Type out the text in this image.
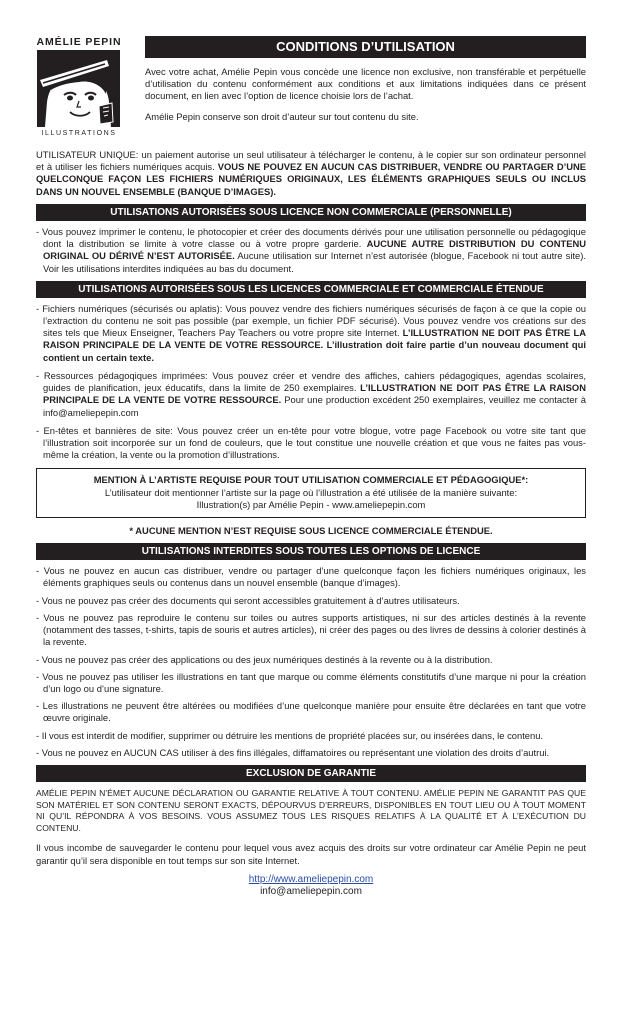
AMÉLIE PEPIN
ILLUSTRATIONS
CONDITIONS D’UTILISATION

Avec votre achat, Amélie Pepin vous concède une licence non exclusive, non transférable et perpétuelle d’utilisation du contenu conformément aux conditions et aux limitations indiquées dans ce présent document, en lien avec l’option de licence choisie lors de l’achat.

Amélie Pepin conserve son droit d’auteur sur tout contenu du site.

UTILISATEUR UNIQUE: un paiement autorise un seul utilisateur à télécharger le contenu, à le copier sur son ordinateur personnel et à utiliser les fichiers numériques acquis. VOUS NE POUVEZ EN AUCUN CAS DISTRIBUER, VENDRE OU PARTAGER D’UNE QUELCONQUE FAÇON LES FICHIERS NUMÉRIQUES ORIGINAUX, LES ÉLÉMENTS GRAPHIQUES SEULS OU INCLUS DANS UN NOUVEL ENSEMBLE (BANQUE D’IMAGES).

UTILISATIONS AUTORISÉES SOUS LICENCE NON COMMERCIALE (PERSONNELLE)
- Vous pouvez imprimer le contenu, le photocopier et créer des documents dérivés pour une utilisation personnelle ou pédagogique dont la distribution se limite à votre classe ou à votre propre garderie. AUCUNE AUTRE DISTRIBUTION DU CONTENU ORIGINAL OU DÉRIVÉ N’EST AUTORISÉE. Aucune utilisation sur Internet n’est autorisée (blogue, Facebook ni tout autre site). Voir les utilisations interdites indiquées au bas du document.
UTILISATIONS AUTORISÉES SOUS LES LICENCES COMMERCIALE ET COMMERCIALE ÉTENDUE
- Fichiers numériques (sécurisés ou aplatis): Vous pouvez vendre des fichiers numériques sécurisés de façon à ce que la copie ou l’extraction du contenu ne soit pas possible (par exemple, un fichier PDF sécurisé). Vous pouvez vendre vos créations sur des sites tels que Mieux Enseigner, Teachers Pay Teachers ou votre propre site Internet. L’ILLUSTRATION NE DOIT PAS ÊTRE LA RAISON PRINCIPALE DE LA VENTE DE VOTRE RESSOURCE. L’illustration doit faire partie d’un nouveau document qui contient un certain texte.
- Ressources pédagoqiques imprimées: Vous pouvez créer et vendre des affiches, cahiers pédagogiques, agendas scolaires, guides de planification, jeux éducatifs, dans la limite de 250 exemplaires. L’ILLUSTRATION NE DOIT PAS ÊTRE LA RAISON PRINCIPALE DE LA VENTE DE VOTRE RESSOURCE. Pour une production excédent 250 exemplaires, veuillez me contacter à info@ameliepepin.com
- En-têtes et bannières de site: Vous pouvez créer un en-tête pour votre blogue, votre page Facebook ou votre site tant que l’illustration soit incorporée sur un fond de couleurs, que le tout constitue une nouvelle création et que vous ne faites pas vous-même la création, la vente ou la promotion d’illustrations.
MENTION À L’ARTISTE REQUISE POUR TOUT UTILISATION COMMERCIALE ET PÉDAGOGIQUE*:
L’utilisateur doit mentionner l’artiste sur la page où l’illustration a été utilisée de la manière suivante:
Illustration(s) par Amélie Pepin - www.ameliepepin.com
* AUCUNE MENTION N’EST REQUISE SOUS LICENCE COMMERCIALE ÉTENDUE.
UTILISATIONS INTERDITES SOUS TOUTES LES OPTIONS DE LICENCE
- Vous ne pouvez en aucun cas distribuer, vendre ou partager d’une quelconque façon les fichiers numériques originaux, les éléments graphiques seuls ou contenus dans un nouvel ensemble (banque d’images).
- Vous ne pouvez pas créer des documents qui seront accessibles gratuitement à d’autres utilisateurs.
- Vous ne pouvez pas reproduire le contenu sur toiles ou autres supports artistiques, ni sur des articles destinés à la revente (notamment des tasses, t-shirts, tapis de souris et autres articles), ni créer des pages ou des livres de dessins à colorier destinés à la revente.
- Vous ne pouvez pas créer des applications ou des jeux numériques destinés à la revente ou à la distribution.
- Vous ne pouvez pas utiliser les illustrations en tant que marque ou comme éléments constitutifs d’une marque ni pour la création d’un logo ou d’une signature.
- Les illustrations ne peuvent être altérées ou modifiées d’une quelconque manière pour ensuite être déclarées en tant que votre œuvre originale.
- Il vous est interdit de modifier, supprimer ou détruire les mentions de propriété placées sur, ou insérées dans, le contenu.
- Vous ne pouvez en AUCUN CAS utiliser à des fins illégales, diffamatoires ou représentant une violation des droits d’autrui.
EXCLUSION DE GARANTIE

AMÉLIE PEPIN N’ÉMET AUCUNE DÉCLARATION OU GARANTIE RELATIVE À TOUT CONTENU. AMÉLIE PEPIN NE GARANTIT PAS QUE SON MATÉRIEL ET SON CONTENU SERONT EXACTS, DÉPOURVUS D’ERREURS, DISPONIBLES EN TOUT LIEU OU À TOUT MOMENT NI QU’IL RÉPONDRA À VOS BESOINS. VOUS ASSUMEZ TOUS LES RISQUES RELATIFS À LA QUALITÉ ET À L’EXÉCUTION DU CONTENU.

Il vous incombe de sauvegarder le contenu pour lequel vous avez acquis des droits sur votre ordinateur car Amélie Pepin ne peut garantir qu’il sera disponible en tout temps sur son site Internet.

http://www.ameliepepin.com
info@ameliepepin.com
